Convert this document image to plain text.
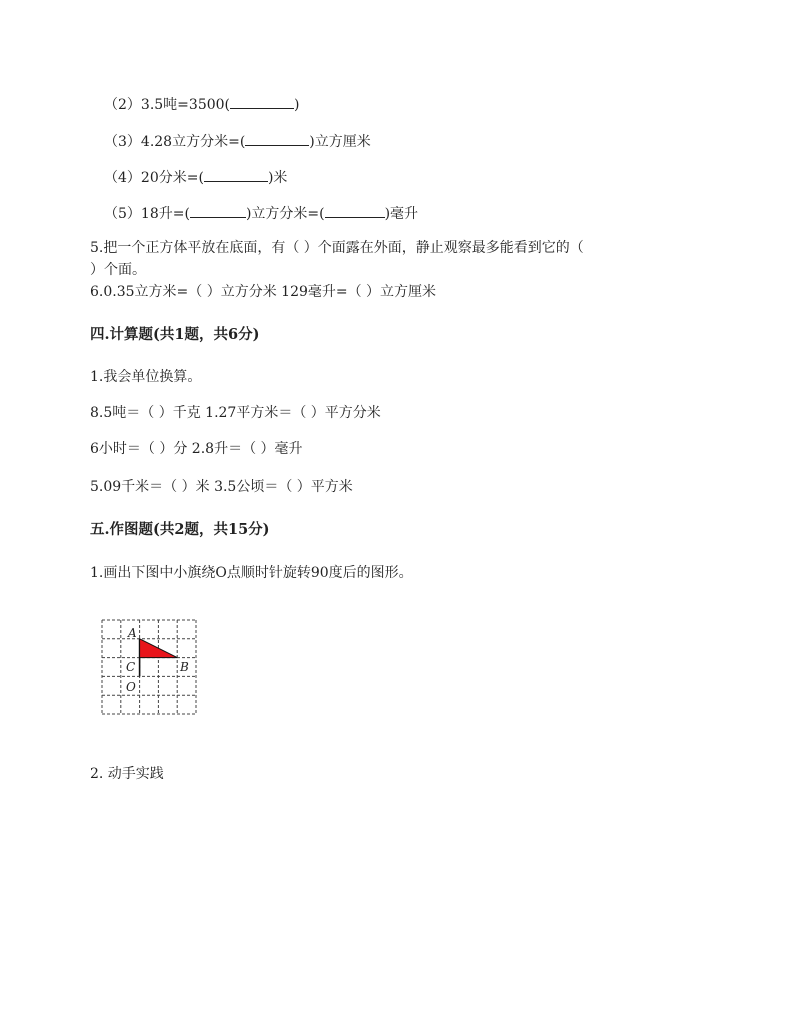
（2）3.5吨=3500(	)
（3）4.28立方分米=(	)立方厘米
（4）20分米=(	)米
（5）18升=(	)立方分米=(	)毫升
5.把一个正方体平放在底面，有（ ）个面露在外面，静止观察最多能看到它的（
）个面。
6.0.35立方米=（ ）立方分米 129毫升=（ ）立方厘米
四.计算题(共1题，共6分)
1.我会单位换算。
8.5吨＝（ ）千克 1.27平方米＝（ ）平方分米
6小时＝（ ）分 2.8升＝（ ）毫升
5.09千米＝（ ）米 3.5公顷＝（ ）平方米
五.作图题(共2题，共15分)
1.画出下图中小旗绕O点顺时针旋转90度后的图形。
A
B
C
O
2. 动手实践
